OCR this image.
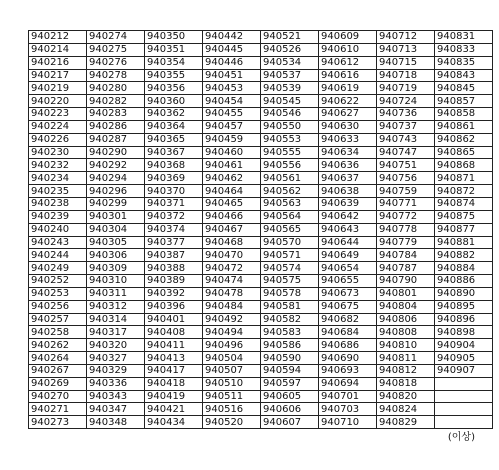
940212	940274	940350	940442	940521	940609	940712	940831
940214	940275	940351	940445	940526	940610	940713	940833
940216	940276	940354	940446	940534	940612	940715	940835
940217	940278	940355	940451	940537	940616	940718	940843
940219	940280	940356	940453	940539	940619	940719	940845
940220	940282	940360	940454	940545	940622	940724	940857
940223	940283	940362	940455	940546	940627	940736	940858
940224	940286	940364	940457	940550	940630	940737	940861
940226	940287	940365	940459	940553	940633	940743	940862
940230	940290	940367	940460	940555	940634	940747	940865
940232	940292	940368	940461	940556	940636	940751	940868
940234	940294	940369	940462	940561	940637	940756	940871
940235	940296	940370	940464	940562	940638	940759	940872
940238	940299	940371	940465	940563	940639	940771	940874
940239	940301	940372	940466	940564	940642	940772	940875
940240	940304	940374	940467	940565	940643	940778	940877
940243	940305	940377	940468	940570	940644	940779	940881
940244	940306	940387	940470	940571	940649	940784	940882
940249	940309	940388	940472	940574	940654	940787	940884
940252	940310	940389	940474	940575	940655	940790	940886
940253	940311	940392	940478	940578	940673	940801	940890
940256	940312	940396	940484	940581	940675	940804	940895
940257	940314	940401	940492	940582	940682	940806	940896
940258	940317	940408	940494	940583	940684	940808	940898
940262	940320	940411	940496	940586	940686	940810	940904
940264	940327	940413	940504	940590	940690	940811	940905
940267	940329	940417	940507	940594	940693	940812	940907
940269	940336	940418	940510	940597	940694	940818	
940270	940343	940419	940511	940605	940701	940820	
940271	940347	940421	940516	940606	940703	940824	
940273	940348	940434	940520	940607	940710	940829	
(이상)
